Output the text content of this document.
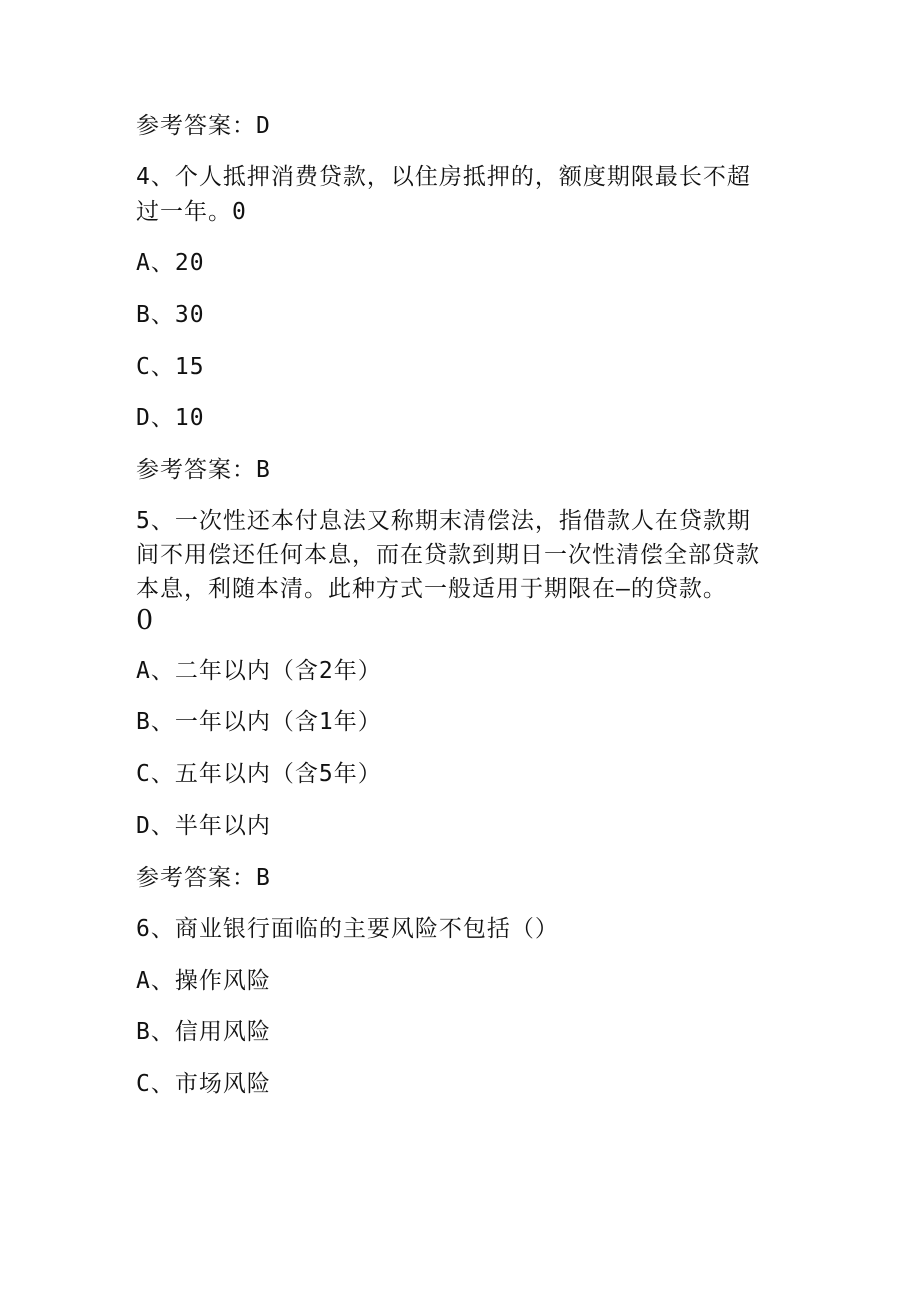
参考答案：D
4、个人抵押消费贷款，以住房抵押的，额度期限最长不超
过一年。0
A、20
B、30
C、15
D、10
参考答案：B
5、一次性还本付息法又称期末清偿法，指借款人在贷款期
间不用偿还任何本息，而在贷款到期日一次性清偿全部贷款
本息，利随本清。此种方式一般适用于期限在—的贷款。
0
A、二年以内（含2年）
B、一年以内（含1年）
C、五年以内（含5年）
D、半年以内
参考答案：B
6、商业银行面临的主要风险不包括（）
A、操作风险
B、信用风险
C、市场风险
